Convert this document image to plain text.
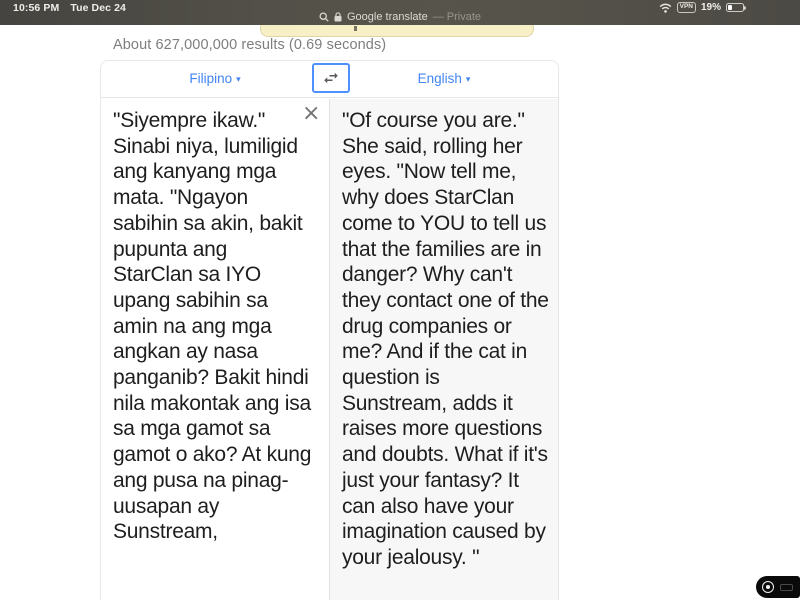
10:56 PM Tue Dec 24
Google translate — Private
VPN 19%
About 627,000,000 results (0.69 seconds)
Filipino ▾	English ▾
"Siyempre ikaw." Sinabi niya, lumiligid ang kanyang mga mata. "Ngayon sabihin sa akin, bakit pupunta ang StarClan sa IYO upang sabihin sa amin na ang mga angkan ay nasa panganib? Bakit hindi nila makontak ang isa sa mga gamot sa gamot o ako? At kung ang pusa na pinag-uusapan ay Sunstream,
× "Of course you are." She said, rolling her eyes. "Now tell me, why does StarClan come to YOU to tell us that the families are in danger? Why can't they contact one of the drug companies or me? And if the cat in question is Sunstream, adds it raises more questions and doubts. What if it's just your fantasy? It can also have your imagination caused by your jealousy. "
